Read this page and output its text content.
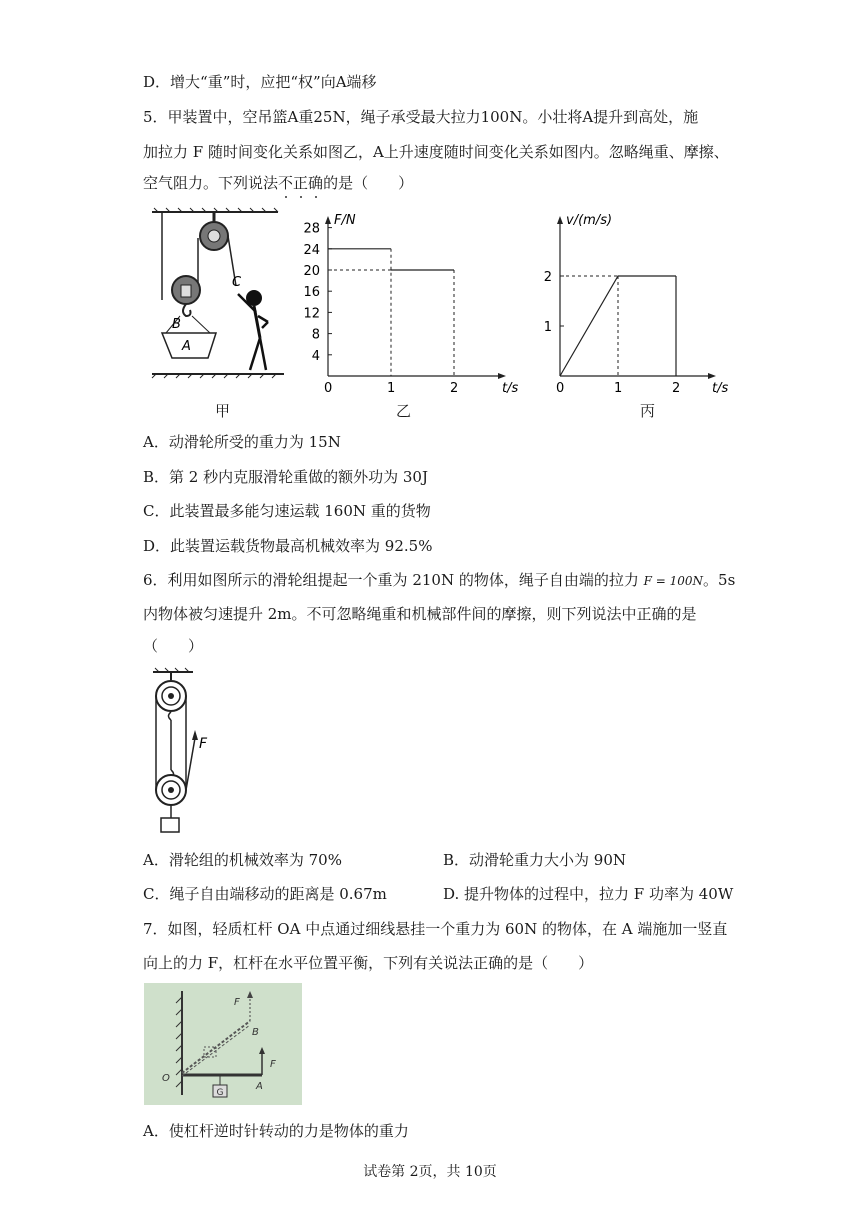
D．增大“重”时，应把“权”向A端移
5．甲装置中，空吊篮A重25N，绳子承受最大拉力100N。小壮将A提升到高处，施
加拉力 F 随时间变化关系如图乙，A上升速度随时间变化关系如图内。忽略绳重、摩擦、
空气阻力。下列说法不正确的是（　　）
B
A
C
甲
F/N
t/s
0	1	2
28
24
20
16
12
8
4
乙
v/(m/s)
t/s
0	1	2
2
1
丙
A．动滑轮所受的重力为 15N
B．第 2 秒内克服滑轮重做的额外功为 30J
C．此装置最多能匀速运载 160N 重的货物
D．此装置运载货物最高机械效率为 92.5%
6．利用如图所示的滑轮组提起一个重为 210N 的物体，绳子自由端的拉力 F = 100N。5s
内物体被匀速提升 2m。不可忽略绳重和机械部件间的摩擦，则下列说法中正确的是
（　　）
F
A．滑轮组的机械效率为 70%	B．动滑轮重力大小为 90N
C．绳子自由端移动的距离是 0.67m	D. 提升物体的过程中，拉力 F 功率为 40W
7．如图，轻质杠杆 OA 中点通过细线悬挂一个重力为 60N 的物体，在 A 端施加一竖直
向上的力 F，杠杆在水平位置平衡，下列有关说法正确的是（　　）
F
B
F
O
A
G
A．使杠杆逆时针转动的力是物体的重力
试卷第 2页，共 10页
